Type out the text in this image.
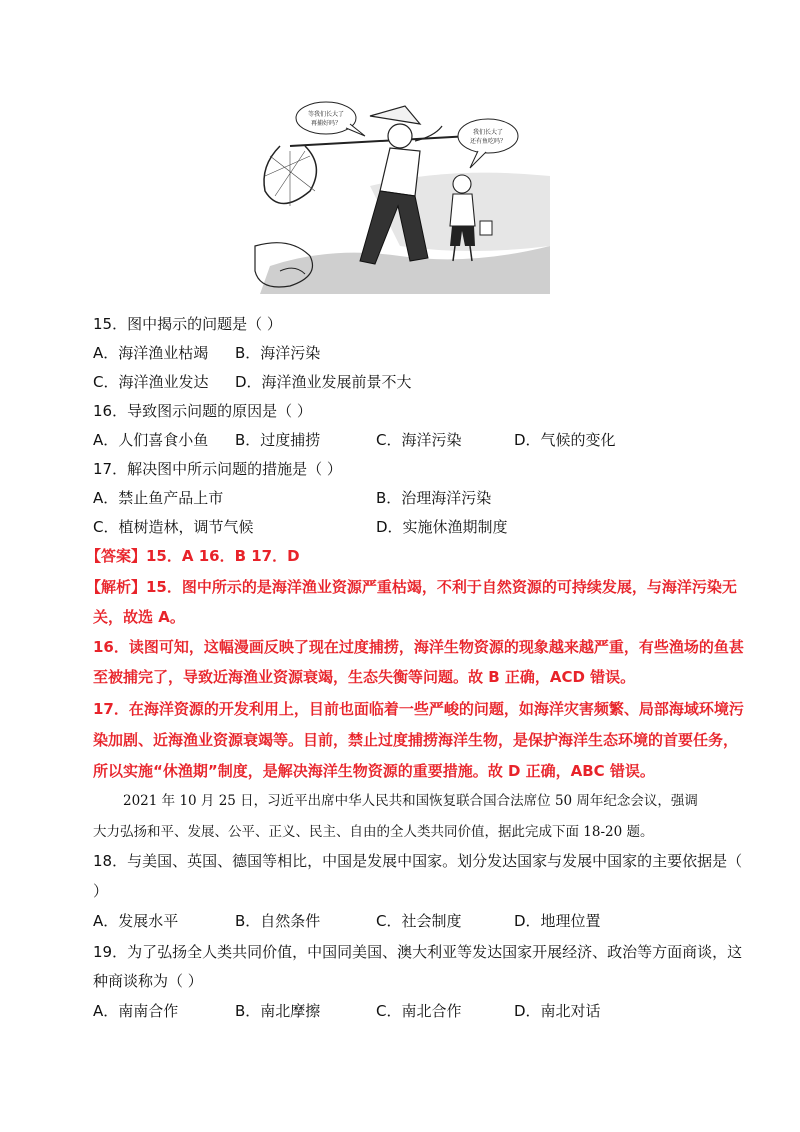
等我们长大了
再捕好吗？
我们长大了
还有鱼吃吗？
15．图中揭示的问题是（ ）
A．海洋渔业枯竭 B．海洋污染
C．海洋渔业发达 D．海洋渔业发展前景不大
16．导致图示问题的原因是（ ）
A．人们喜食小鱼 B．过度捕捞	C．海洋污染	D．气候的变化
17．解决图中所示问题的措施是（ ）
A．禁止鱼产品上市	B．治理海洋污染
C．植树造林，调节气候	D．实施休渔期制度
【答案】15．A 16．B 17．D
【解析】15．图中所示的是海洋渔业资源严重枯竭，不利于自然资源的可持续发展，与海洋污染无
关，故选 A。
16．读图可知，这幅漫画反映了现在过度捕捞，海洋生物资源的现象越来越严重，有些渔场的鱼甚
至被捕完了，导致近海渔业资源衰竭，生态失衡等问题。故 B 正确，ACD 错误。
17．在海洋资源的开发利用上，目前也面临着一些严峻的问题，如海洋灾害频繁、局部海域环境污
染加剧、近海渔业资源衰竭等。目前，禁止过度捕捞海洋生物，是保护海洋生态环境的首要任务，
所以实施“休渔期”制度，是解决海洋生物资源的重要措施。故 D 正确，ABC 错误。
2021 年 10 月 25 日，习近平出席中华人民共和国恢复联合国合法席位 50 周年纪念会议，强调
大力弘扬和平、发展、公平、正义、民主、自由的全人类共同价值，据此完成下面 18-20 题。
18．与美国、英国、德国等相比，中国是发展中国家。划分发达国家与发展中国家的主要依据是（
）
A．发展水平	B．自然条件	C．社会制度	D．地理位置
19．为了弘扬全人类共同价值，中国同美国、澳大利亚等发达国家开展经济、政治等方面商谈，这
种商谈称为（ ）
A．南南合作	B．南北摩擦	C．南北合作	D．南北对话
